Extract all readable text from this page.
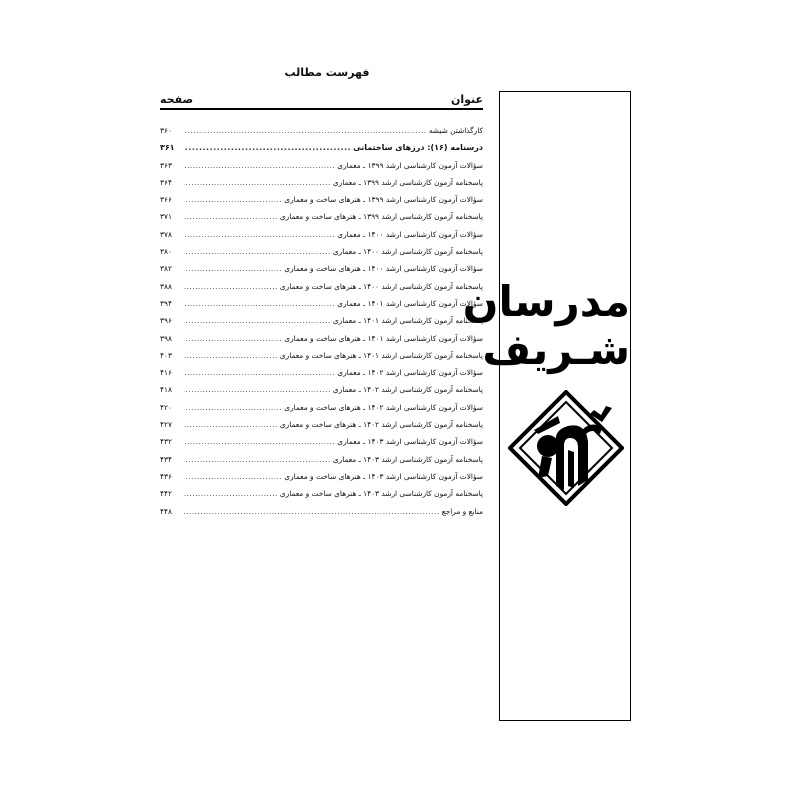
فهرست مطالب
عنوان
صفحه
کارگذاشتن شیشه
.....
۳۶۰
درسنامه (۱۶): درزهای ساختمانی
.....
۳۶۱
سؤالات آزمون کارشناسی ارشد ۱۳۹۹ ـ معماری
.....
۳۶۳
پاسخنامه آزمون کارشناسی ارشد ۱۳۹۹ ـ معماری
.....
۳۶۴
سؤالات آزمون کارشناسی ارشد ۱۳۹۹ ـ هنرهای ساخت و معماری
.....
۳۶۶
پاسخنامه آزمون کارشناسی ارشد ۱۳۹۹ ـ هنرهای ساخت و معماری
.....
۳۷۱
سؤالات آزمون کارشناسی ارشد ۱۴۰۰ ـ معماری
.....
۳۷۸
پاسخنامه آزمون کارشناسی ارشد ۱۴۰۰ ـ معماری
.....
۳۸۰
سؤالات آزمون کارشناسی ارشد ۱۴۰۰ ـ هنرهای ساخت و معماری
.....
۳۸۲
پاسخنامه آزمون کارشناسی ارشد ۱۴۰۰ ـ هنرهای ساخت و معماری
.....
۳۸۸
سؤالات آزمون کارشناسی ارشد ۱۴۰۱ ـ معماری
.....
۳۹۴
پاسخنامه آزمون کارشناسی ارشد ۱۴۰۱ ـ معماری
.....
۳۹۶
سؤالات آزمون کارشناسی ارشد ۱۴۰۱ ـ هنرهای ساخت و معماری
.....
۳۹۸
پاسخنامه آزمون کارشناسی ارشد ۱۴۰۱ ـ هنرهای ساخت و معماری
.....
۴۰۳
سؤالات آزمون کارشناسی ارشد ۱۴۰۲ ـ معماری
.....
۴۱۶
پاسخنامه آزمون کارشناسی ارشد ۱۴۰۲ ـ معماری
.....
۴۱۸
سؤالات آزمون کارشناسی ارشد ۱۴۰۲ ـ هنرهای ساخت و معماری
.....
۴۲۰
پاسخنامه آزمون کارشناسی ارشد ۱۴۰۲ ـ هنرهای ساخت و معماری
.....
۴۲۷
سؤالات آزمون کارشناسی ارشد ۱۴۰۳ ـ معماری
.....
۴۳۲
پاسخنامه آزمون کارشناسی ارشد ۱۴۰۳ ـ معماری
.....
۴۳۴
سؤالات آزمون کارشناسی ارشد ۱۴۰۳ ـ هنرهای ساخت و معماری
.....
۴۳۶
پاسخنامه آزمون کارشناسی ارشد ۱۴۰۳ ـ هنرهای ساخت و معماری
.....
۴۴۲
منابع و مراجع
.....
۴۴۸
مدرسان
شـریف
